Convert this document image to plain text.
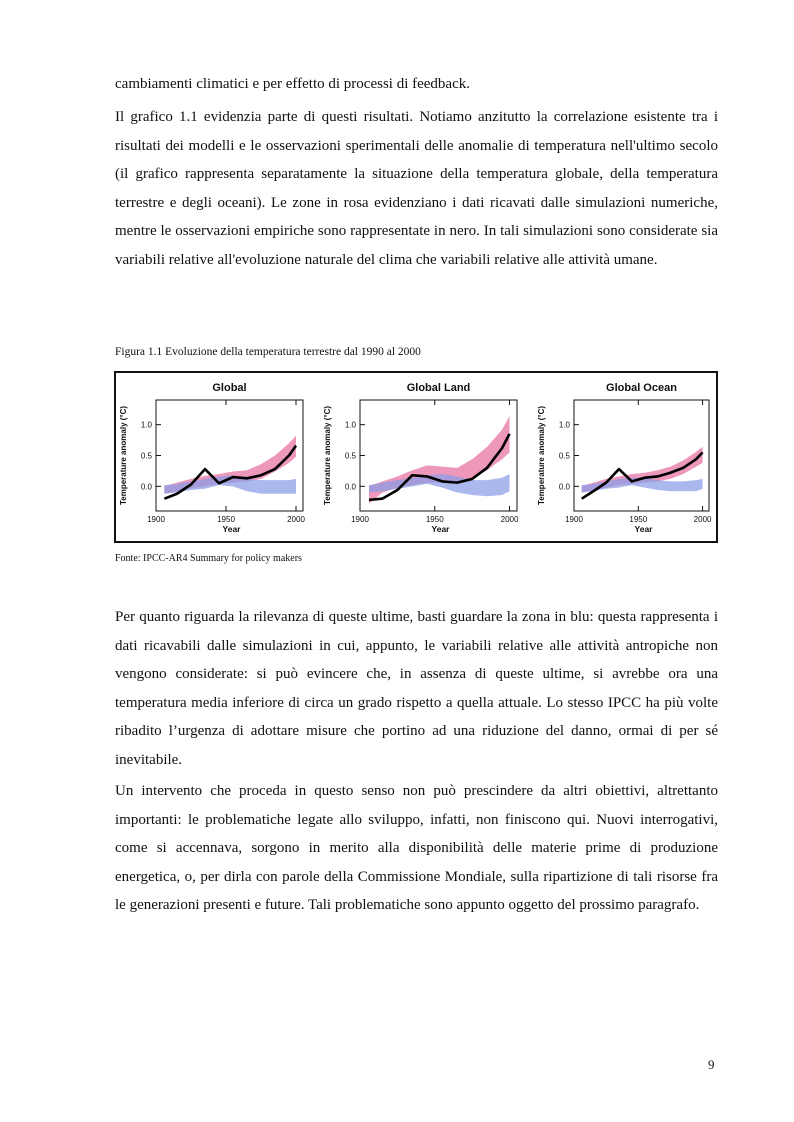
cambiamenti climatici e per effetto di processi di feedback.
Il grafico 1.1 evidenzia parte di questi risultati. Notiamo anzitutto la correlazione esistente tra i risultati dei modelli e le osservazioni sperimentali delle anomalie di temperatura nell'ultimo secolo (il grafico rappresenta separatamente la situazione della temperatura globale, della temperatura terrestre e degli oceani). Le zone in rosa evidenziano i dati ricavati dalle simulazioni numeriche, mentre le osservazioni empiriche sono rappresentate in nero. In tali simulazioni sono considerate sia variabili relative all'evoluzione naturale del clima che variabili relative alle attività umane.
Figura 1.1 Evoluzione della temperatura terrestre dal 1990 al 2000
Global
0.0
0.5
1.0
1900	1950	2000
Year
Temperature anomaly (°C)
Global Land
0.0
0.5
1.0
1900	1950	2000
Year
Temperature anomaly (°C)
Global Ocean
0.0
0.5
1.0
1900	1950	2000
Year
Temperature anomaly (°C)
Fonte: IPCC-AR4 Summary for policy makers
Per quanto riguarda la rilevanza di queste ultime, basti guardare la zona in blu: questa rappresenta i dati ricavabili dalle simulazioni in cui, appunto, le variabili relative alle attività antropiche non vengono considerate: si può evincere che, in assenza di queste ultime, si avrebbe ora una temperatura media inferiore di circa un grado rispetto a quella attuale. Lo stesso IPCC ha più volte ribadito l’urgenza di adottare misure che portino ad una riduzione del danno, ormai di per sé inevitabile.
Un intervento che proceda in questo senso non può prescindere da altri obiettivi, altrettanto importanti: le problematiche legate allo sviluppo, infatti, non finiscono qui. Nuovi interrogativi, come si accennava, sorgono in merito alla disponibilità delle materie prime di produzione energetica, o, per dirla con parole della Commissione Mondiale, sulla ripartizione di tali risorse fra le generazioni presenti e future. Tali problematiche sono appunto oggetto del prossimo paragrafo.
9
